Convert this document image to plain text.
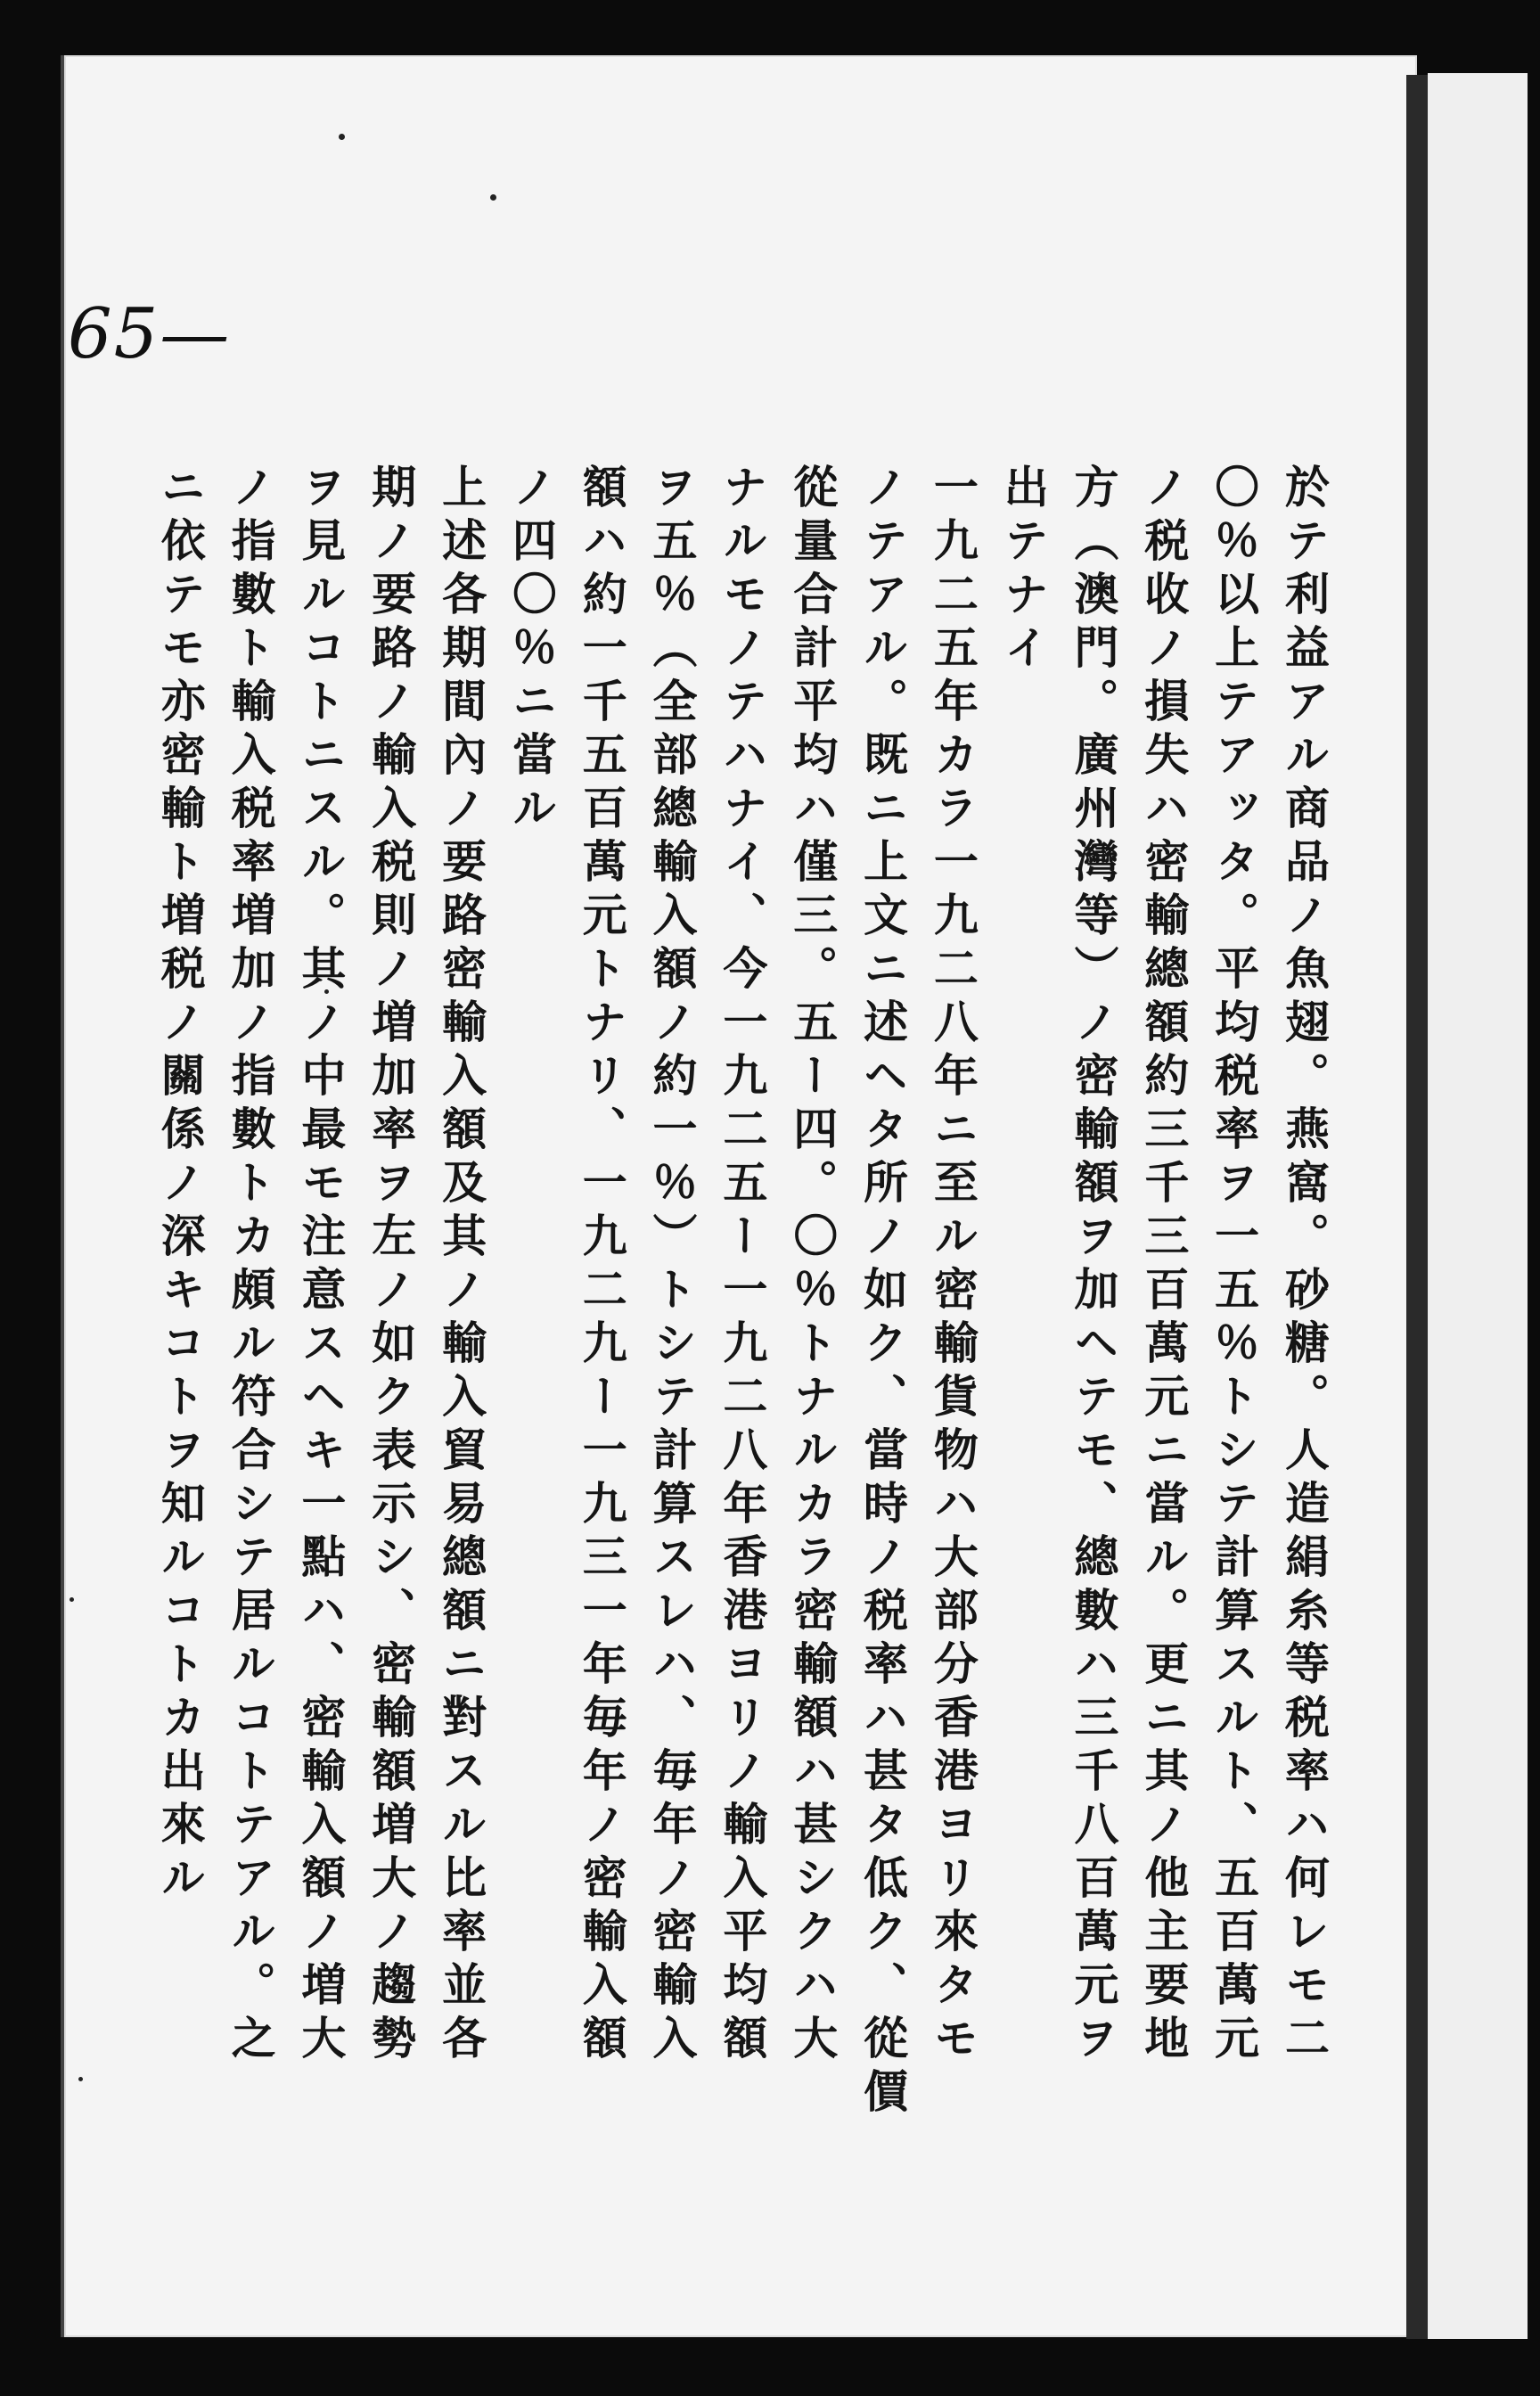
65—
於テ利益アル商品ノ魚翅。燕窩。砂糖。人造絹糸等税率ハ何レモ二
〇％以上テアッタ。平均税率ヲ一五％トシテ計算スルト、五百萬元
ノ税收ノ損失ハ密輸總額約三千三百萬元ニ當ル。更ニ其ノ他主要地
方（澳門。廣州灣等）ノ密輸額ヲ加ヘテモ、總數ハ三千八百萬元ヲ
出テナイ
一九二五年カラ一九二八年ニ至ル密輸貨物ハ大部分香港ヨリ來タモ
ノテアル。既ニ上文ニ述ヘタ所ノ如ク、當時ノ税率ハ甚タ低ク、從價
從量合計平均ハ僅三。五ー四。〇％トナルカラ密輸額ハ甚シクハ大
ナルモノテハナイ、今一九二五ー一九二八年香港ヨリノ輸入平均額
ヲ五％（全部總輸入額ノ約一％）トシテ計算スレハ、毎年ノ密輸入
額ハ約一千五百萬元トナリ、一九二九ー一九三一年毎年ノ密輸入額
ノ四〇％ニ當ル
上述各期間內ノ要路密輸入額及其ノ輸入貿易總額ニ對スル比率並各
期ノ要路ノ輸入税則ノ増加率ヲ左ノ如ク表示シ、密輸額増大ノ趨勢
ヲ見ルコトニスル。其ノ中最モ注意スヘキ一點ハ、密輸入額ノ増大
ノ指數ト輸入税率増加ノ指數トカ頗ル符合シテ居ルコトテアル。之
ニ依テモ亦密輸ト増税ノ關係ノ深キコトヲ知ルコトカ出來ル
